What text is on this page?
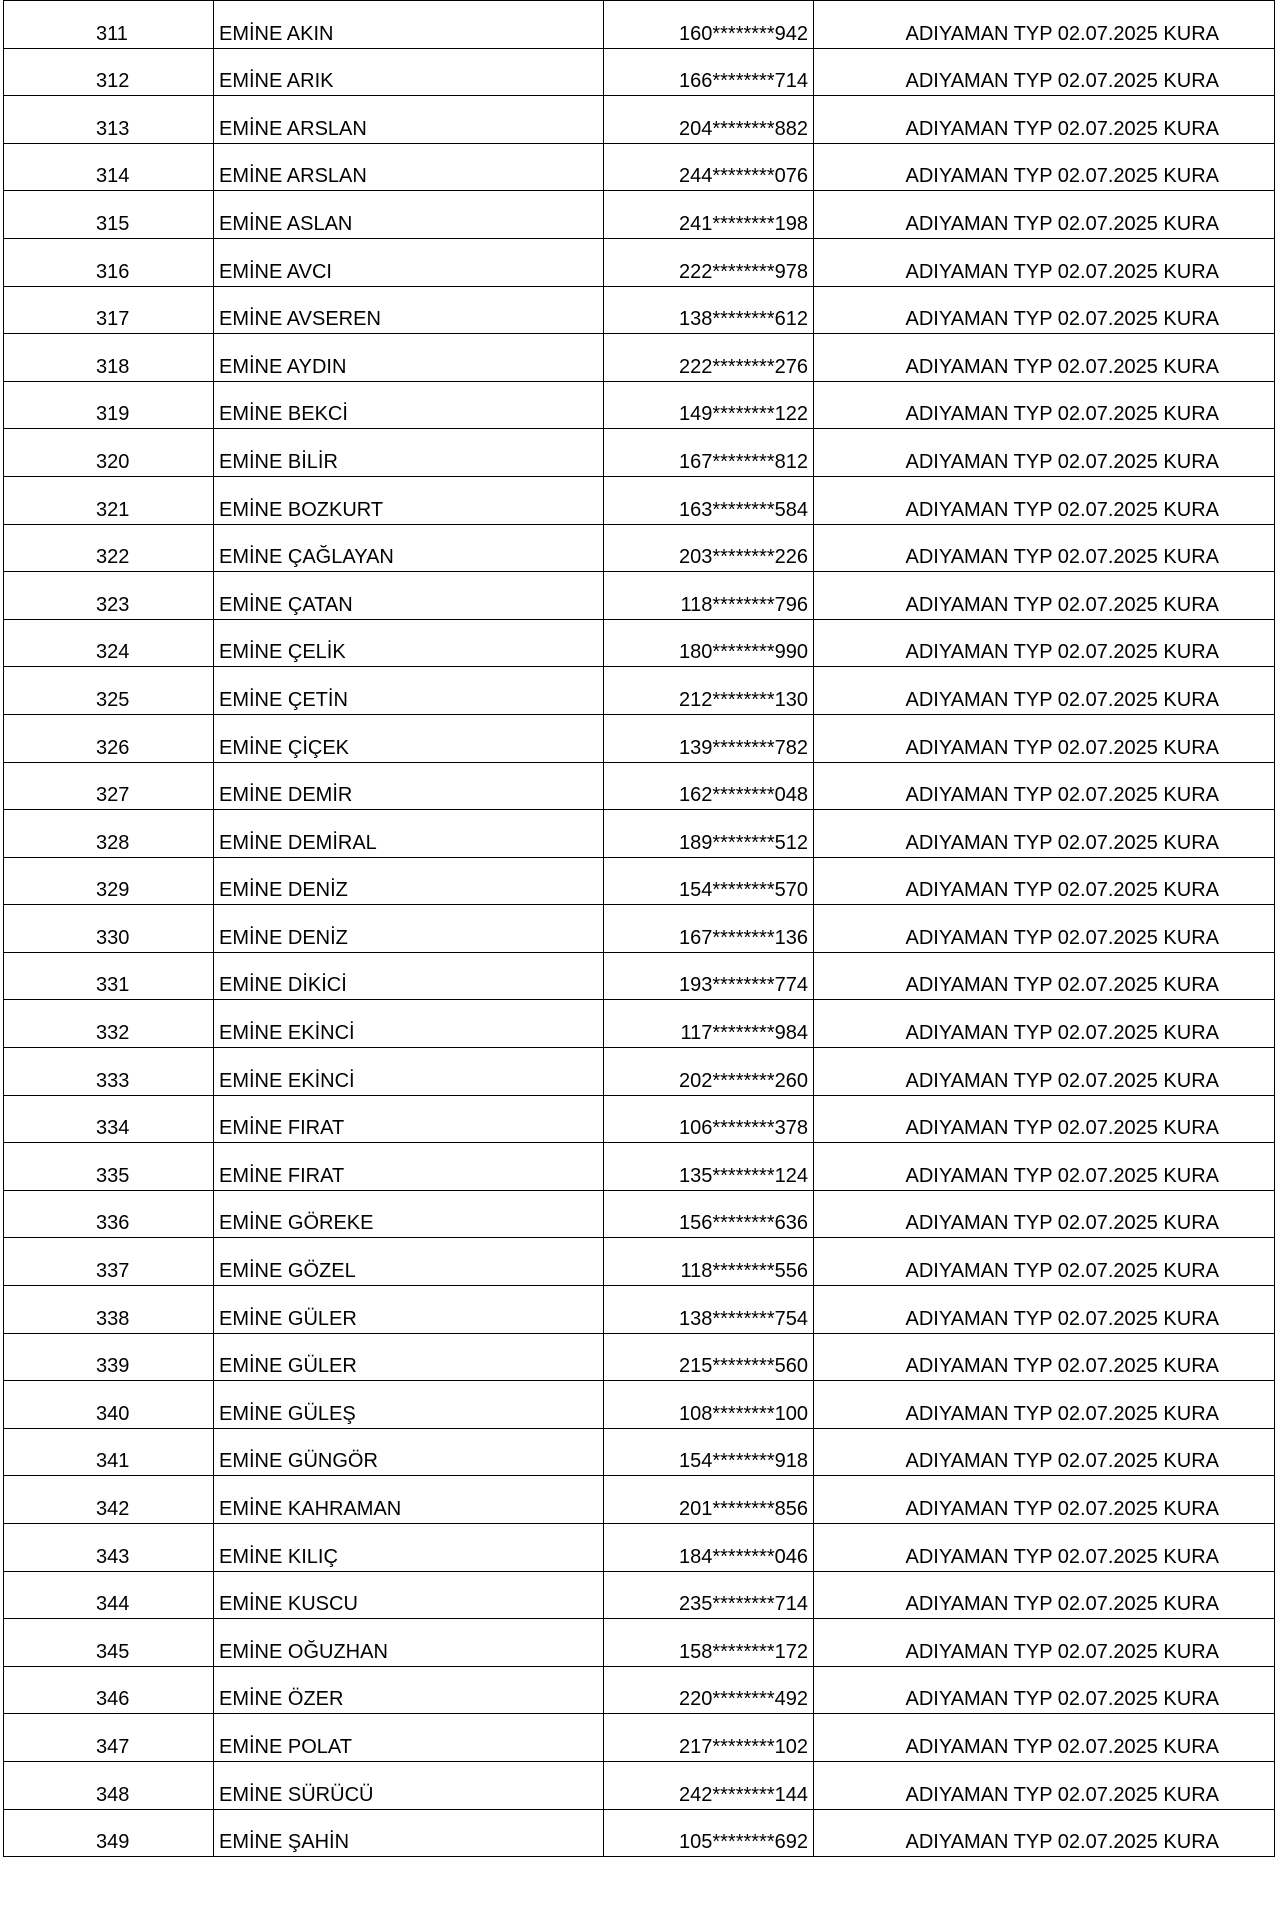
311	EMİNE AKIN	160********942	ADIYAMAN TYP 02.07.2025 KURA
312	EMİNE ARIK	166********714	ADIYAMAN TYP 02.07.2025 KURA
313	EMİNE ARSLAN	204********882	ADIYAMAN TYP 02.07.2025 KURA
314	EMİNE ARSLAN	244********076	ADIYAMAN TYP 02.07.2025 KURA
315	EMİNE ASLAN	241********198	ADIYAMAN TYP 02.07.2025 KURA
316	EMİNE AVCI	222********978	ADIYAMAN TYP 02.07.2025 KURA
317	EMİNE AVSEREN	138********612	ADIYAMAN TYP 02.07.2025 KURA
318	EMİNE AYDIN	222********276	ADIYAMAN TYP 02.07.2025 KURA
319	EMİNE BEKCİ	149********122	ADIYAMAN TYP 02.07.2025 KURA
320	EMİNE BİLİR	167********812	ADIYAMAN TYP 02.07.2025 KURA
321	EMİNE BOZKURT	163********584	ADIYAMAN TYP 02.07.2025 KURA
322	EMİNE ÇAĞLAYAN	203********226	ADIYAMAN TYP 02.07.2025 KURA
323	EMİNE ÇATAN	118********796	ADIYAMAN TYP 02.07.2025 KURA
324	EMİNE ÇELİK	180********990	ADIYAMAN TYP 02.07.2025 KURA
325	EMİNE ÇETİN	212********130	ADIYAMAN TYP 02.07.2025 KURA
326	EMİNE ÇİÇEK	139********782	ADIYAMAN TYP 02.07.2025 KURA
327	EMİNE DEMİR	162********048	ADIYAMAN TYP 02.07.2025 KURA
328	EMİNE DEMİRAL	189********512	ADIYAMAN TYP 02.07.2025 KURA
329	EMİNE DENİZ	154********570	ADIYAMAN TYP 02.07.2025 KURA
330	EMİNE DENİZ	167********136	ADIYAMAN TYP 02.07.2025 KURA
331	EMİNE DİKİCİ	193********774	ADIYAMAN TYP 02.07.2025 KURA
332	EMİNE EKİNCİ	117********984	ADIYAMAN TYP 02.07.2025 KURA
333	EMİNE EKİNCİ	202********260	ADIYAMAN TYP 02.07.2025 KURA
334	EMİNE FIRAT	106********378	ADIYAMAN TYP 02.07.2025 KURA
335	EMİNE FIRAT	135********124	ADIYAMAN TYP 02.07.2025 KURA
336	EMİNE GÖREKE	156********636	ADIYAMAN TYP 02.07.2025 KURA
337	EMİNE GÖZEL	118********556	ADIYAMAN TYP 02.07.2025 KURA
338	EMİNE GÜLER	138********754	ADIYAMAN TYP 02.07.2025 KURA
339	EMİNE GÜLER	215********560	ADIYAMAN TYP 02.07.2025 KURA
340	EMİNE GÜLEŞ	108********100	ADIYAMAN TYP 02.07.2025 KURA
341	EMİNE GÜNGÖR	154********918	ADIYAMAN TYP 02.07.2025 KURA
342	EMİNE KAHRAMAN	201********856	ADIYAMAN TYP 02.07.2025 KURA
343	EMİNE KILIÇ	184********046	ADIYAMAN TYP 02.07.2025 KURA
344	EMİNE KUSCU	235********714	ADIYAMAN TYP 02.07.2025 KURA
345	EMİNE OĞUZHAN	158********172	ADIYAMAN TYP 02.07.2025 KURA
346	EMİNE ÖZER	220********492	ADIYAMAN TYP 02.07.2025 KURA
347	EMİNE POLAT	217********102	ADIYAMAN TYP 02.07.2025 KURA
348	EMİNE SÜRÜCÜ	242********144	ADIYAMAN TYP 02.07.2025 KURA
349	EMİNE ŞAHİN	105********692	ADIYAMAN TYP 02.07.2025 KURA
